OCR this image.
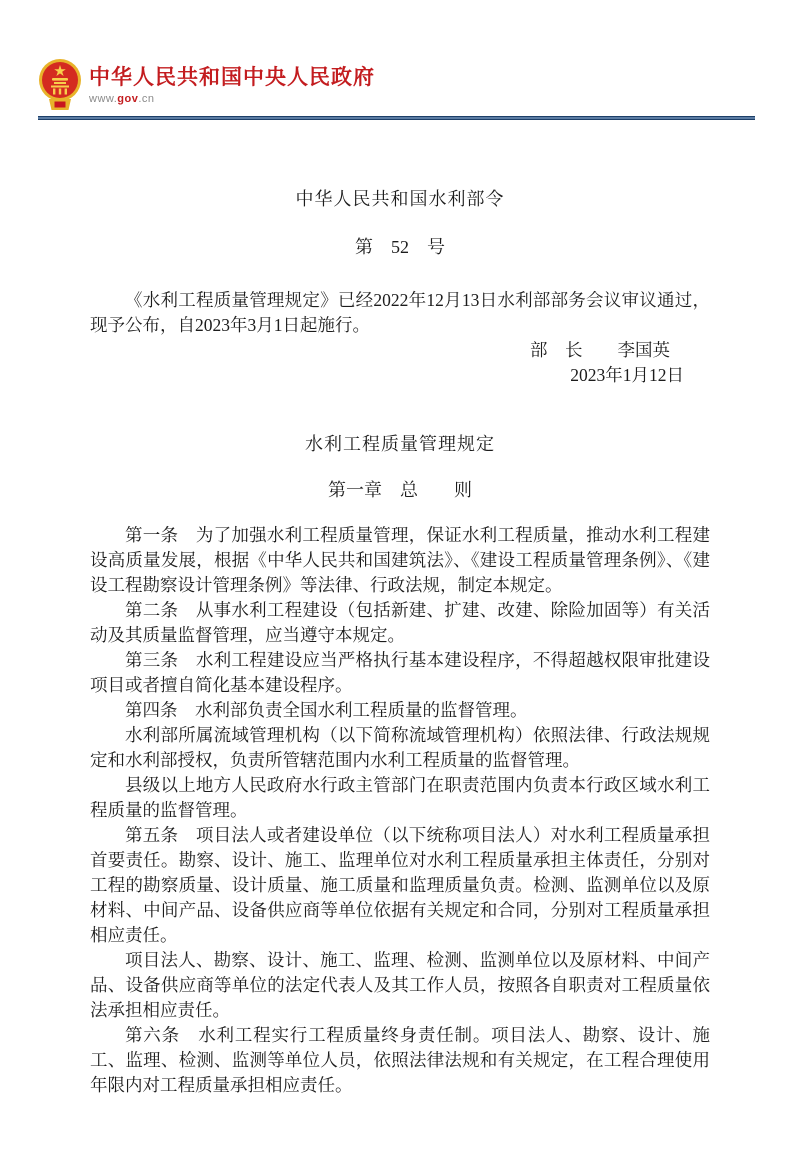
中华人民共和国中央人民政府
www.gov.cn
中华人民共和国水利部令
第　52　号

《水利工程质量管理规定》已经2022年12月13日水利部部务会议审议通过，现予公布，自2023年3月1日起施行。

部　长　　李国英
2023年1月12日
水利工程质量管理规定
第一章　总　　则

第一条　为了加强水利工程质量管理，保证水利工程质量，推动水利工程建设高质量发展，根据《中华人民共和国建筑法》、《建设工程质量管理条例》、《建设工程勘察设计管理条例》等法律、行政法规，制定本规定。

第二条　从事水利工程建设（包括新建、扩建、改建、除险加固等）有关活动及其质量监督管理，应当遵守本规定。

第三条　水利工程建设应当严格执行基本建设程序，不得超越权限审批建设项目或者擅自简化基本建设程序。

第四条　水利部负责全国水利工程质量的监督管理。

水利部所属流域管理机构（以下简称流域管理机构）依照法律、行政法规规定和水利部授权，负责所管辖范围内水利工程质量的监督管理。

县级以上地方人民政府水行政主管部门在职责范围内负责本行政区域水利工程质量的监督管理。

第五条　项目法人或者建设单位（以下统称项目法人）对水利工程质量承担首要责任。勘察、设计、施工、监理单位对水利工程质量承担主体责任，分别对工程的勘察质量、设计质量、施工质量和监理质量负责。检测、监测单位以及原材料、中间产品、设备供应商等单位依据有关规定和合同，分别对工程质量承担相应责任。

项目法人、勘察、设计、施工、监理、检测、监测单位以及原材料、中间产品、设备供应商等单位的法定代表人及其工作人员，按照各自职责对工程质量依法承担相应责任。

第六条　水利工程实行工程质量终身责任制。项目法人、勘察、设计、施工、监理、检测、监测等单位人员，依照法律法规和有关规定，在工程合理使用年限内对工程质量承担相应责任。
